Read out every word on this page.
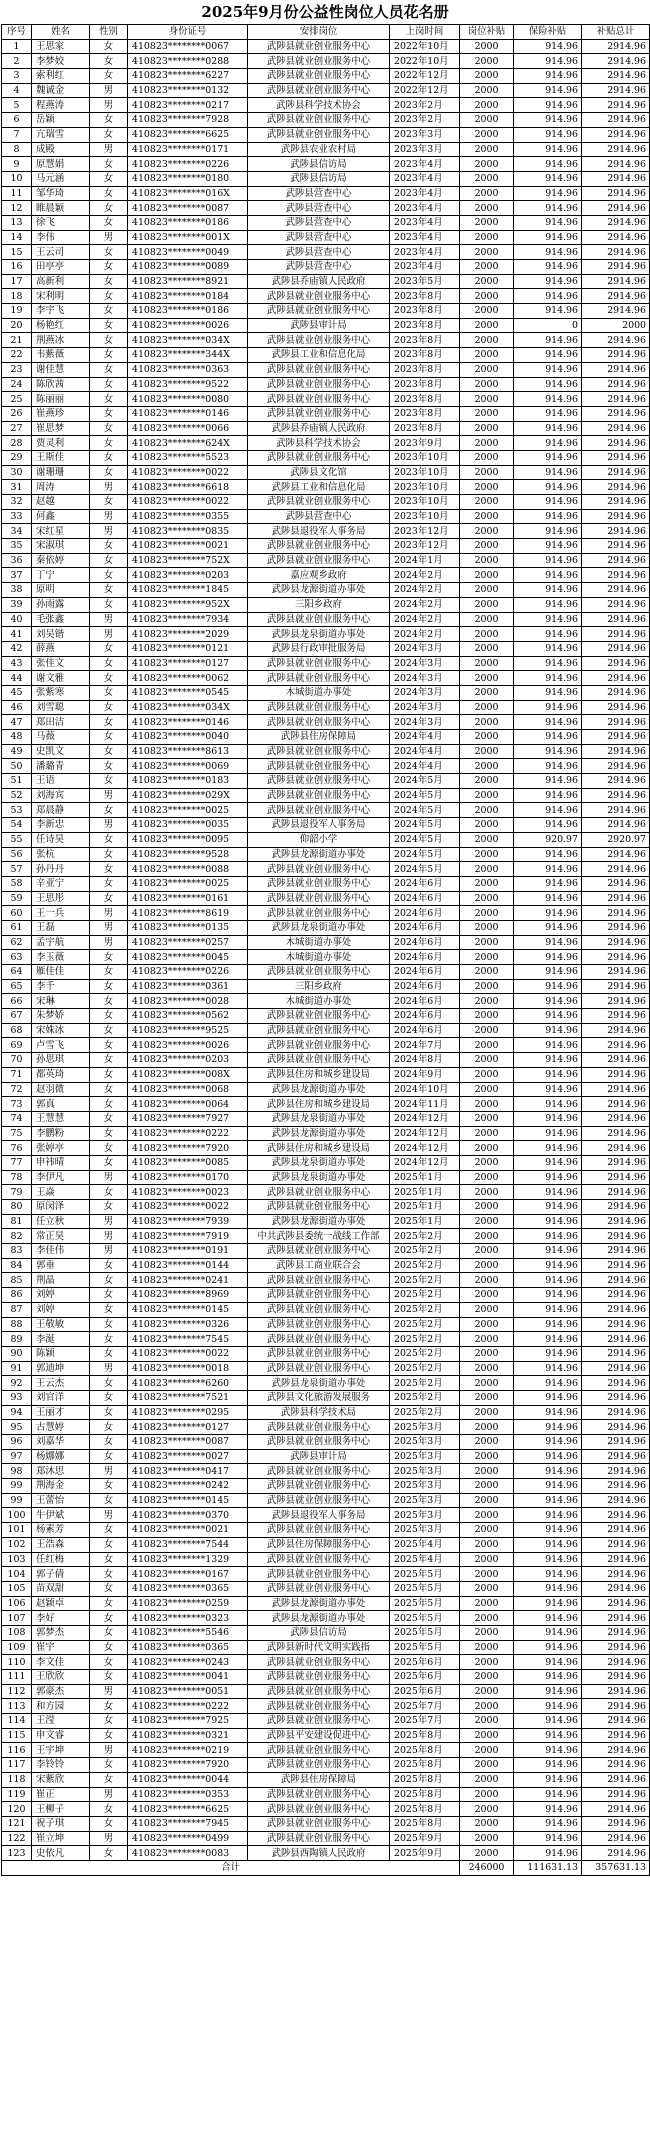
2025年9月份公益性岗位人员花名册
序号	姓名	性别	身份证号	安排岗位	上岗时间	岗位补贴	保险补贴	补贴总计
1	王思家	女	410823********0067	武陟县就业创业服务中心	2022年10月	2000	914.96	2914.96
2	李梦姣	女	410823********0288	武陟县就业创业服务中心	2022年10月	2000	914.96	2914.96
3	索利红	女	410823********6227	武陟县就业创业服务中心	2022年12月	2000	914.96	2914.96
4	魏诚金	男	410823********0132	武陟县就业创业服务中心	2022年12月	2000	914.96	2914.96
5	程燕涛	男	410823********0217	武陟县科学技术协会	2023年2月	2000	914.96	2914.96
6	岳颖	女	410823********7928	武陟县就业创业服务中心	2023年2月	2000	914.96	2914.96
7	亢瑞雪	女	410823********6625	武陟县就业创业服务中心	2023年3月	2000	914.96	2914.96
8	成殿	男	410823********0171	武陟县农业农村局	2023年3月	2000	914.96	2914.96
9	原慧娟	女	410823********0226	武陟县信访局	2023年4月	2000	914.96	2914.96
10	马元涵	女	410823********0180	武陟县信访局	2023年4月	2000	914.96	2914.96
11	邹华琦	女	410823********016X	武陟县营查中心	2023年4月	2000	914.96	2914.96
12	睢晨颖	女	410823********0087	武陟县营查中心	2023年4月	2000	914.96	2914.96
13	徐飞	女	410823********0186	武陟县营查中心	2023年4月	2000	914.96	2914.96
14	李伟	男	410823********001X	武陟县营查中心	2023年4月	2000	914.96	2914.96
15	王云司	女	410823********0049	武陟县营查中心	2023年4月	2000	914.96	2914.96
16	田亭亭	女	410823********0089	武陟县营查中心	2023年4月	2000	914.96	2914.96
17	高新利	女	410823********8921	武陟县乔庙镇人民政府	2023年5月	2000	914.96	2914.96
18	宋利明	女	410823********0184	武陟县就业创业服务中心	2023年8月	2000	914.96	2914.96
19	李宇飞	女	410823********0186	武陟县就业创业服务中心	2023年8月	2000	914.96	2914.96
20	杨艳红	女	410823********0026	武陟县审计局	2023年8月	2000	0	2000
21	荆燕冰	女	410823********034X	武陟县就业创业服务中心	2023年8月	2000	914.96	2914.96
22	韦紫薇	女	410823********344X	武陟县工业和信息化局	2023年8月	2000	914.96	2914.96
23	谢佳慧	女	410823********0363	武陟县就业创业服务中心	2023年8月	2000	914.96	2914.96
24	陈欣茜	女	410823********9522	武陟县就业创业服务中心	2023年8月	2000	914.96	2914.96
25	陈丽丽	女	410823********0080	武陟县就业创业服务中心	2023年8月	2000	914.96	2914.96
26	崔燕珍	女	410823********0146	武陟县就业创业服务中心	2023年8月	2000	914.96	2914.96
27	崔思梦	女	410823********0066	武陟县乔庙镇人民政府	2023年8月	2000	914.96	2914.96
28	贾灵利	女	410823********624X	武陟县科学技术协会	2023年9月	2000	914.96	2914.96
29	王斯佳	女	410823********5523	武陟县就业创业服务中心	2023年10月	2000	914.96	2914.96
30	谢珊珊	女	410823********0022	武陟县文化馆	2023年10月	2000	914.96	2914.96
31	周涛	男	410823********6618	武陟县工业和信息化局	2023年10月	2000	914.96	2914.96
32	赵越	女	410823********0022	武陟县就业创业服务中心	2023年10月	2000	914.96	2914.96
33	何鑫	男	410823********0355	武陟县营查中心	2023年10月	2000	914.96	2914.96
34	宋红星	男	410823********0835	武陟县退役军人事务局	2023年12月	2000	914.96	2914.96
35	宋淑琪	女	410823********0021	武陟县就业创业服务中心	2023年12月	2000	914.96	2914.96
36	秦依婷	女	410823********752X	武陟县就业创业服务中心	2024年1月	2000	914.96	2914.96
37	丁宁	女	410823********0203	嘉应观乡政府	2024年2月	2000	914.96	2914.96
38	原明	女	410823********1845	武陟县龙源街道办事处	2024年2月	2000	914.96	2914.96
39	孙雨露	女	410823********952X	三阳乡政府	2024年2月	2000	914.96	2914.96
40	毛张鑫	男	410823********7934	武陟县就业创业服务中心	2024年2月	2000	914.96	2914.96
41	刘吴锴	男	410823********2029	武陟县龙泉街道办事处	2024年2月	2000	914.96	2914.96
42	薛燕	女	410823********0121	武陟县行政审批服务局	2024年3月	2000	914.96	2914.96
43	张佳文	女	410823********0127	武陟县就业创业服务中心	2024年3月	2000	914.96	2914.96
44	谢文雅	女	410823********0062	武陟县就业创业服务中心	2024年3月	2000	914.96	2914.96
45	张紫寒	女	410823********0545	木城街道办事处	2024年3月	2000	914.96	2914.96
46	刘雪聪	女	410823********034X	武陟县就业创业服务中心	2024年3月	2000	914.96	2914.96
47	郑田洁	女	410823********0146	武陟县就业创业服务中心	2024年3月	2000	914.96	2914.96
48	马薇	女	410823********0040	武陟县住房保障局	2024年4月	2000	914.96	2914.96
49	史凯文	女	410823********8613	武陟县就业创业服务中心	2024年4月	2000	914.96	2914.96
50	潘璐青	女	410823********0069	武陟县就业创业服务中心	2024年4月	2000	914.96	2914.96
51	王语	女	410823********0183	武陟县就业创业服务中心	2024年5月	2000	914.96	2914.96
52	刘海宾	男	410823********029X	武陟县就业创业服务中心	2024年5月	2000	914.96	2914.96
53	郑晨静	女	410823********0025	武陟县就业创业服务中心	2024年5月	2000	914.96	2914.96
54	李新忠	男	410823********0035	武陟县退役军人事务局	2024年5月	2000	914.96	2914.96
55	任诗昊	女	410823********0095	仰韶小学	2024年5月	2000	920.97	2920.97
56	张杭	女	410823********9528	武陟县龙源街道办事处	2024年5月	2000	914.96	2914.96
57	孙丹丹	女	410823********0088	武陟县就业创业服务中心	2024年5月	2000	914.96	2914.96
58	辛亚宁	女	410823********0025	武陟县就业创业服务中心	2024年6月	2000	914.96	2914.96
59	王思彤	女	410823********0161	武陟县就业创业服务中心	2024年6月	2000	914.96	2914.96
60	王一兵	男	410823********8619	武陟县就业创业服务中心	2024年6月	2000	914.96	2914.96
61	王磊	男	410823********0135	武陟县龙泉街道办事处	2024年6月	2000	914.96	2914.96
62	孟宇航	男	410823********0257	木城街道办事处	2024年6月	2000	914.96	2914.96
63	李玉薇	女	410823********0045	木城街道办事处	2024年6月	2000	914.96	2914.96
64	雁佳佳	女	410823********0226	武陟县就业创业服务中心	2024年6月	2000	914.96	2914.96
65	李千	女	410823********0361	三阳乡政府	2024年6月	2000	914.96	2914.96
66	宋琳	女	410823********0028	木城街道办事处	2024年6月	2000	914.96	2914.96
67	朱梦娇	女	410823********0562	武陟县就业创业服务中心	2024年6月	2000	914.96	2914.96
68	宋姝冰	女	410823********9525	武陟县就业创业服务中心	2024年6月	2000	914.96	2914.96
69	卢雪飞	女	410823********0026	武陟县就业创业服务中心	2024年7月	2000	914.96	2914.96
70	孙思琪	女	410823********0203	武陟县就业创业服务中心	2024年8月	2000	914.96	2914.96
71	都英琦	女	410823********008X	武陟县住房和城乡建设局	2024年9月	2000	914.96	2914.96
72	赵羽微	女	410823********0068	武陟县龙源街道办事处	2024年10月	2000	914.96	2914.96
73	郭真	女	410823********0064	武陟县住房和城乡建设局	2024年11月	2000	914.96	2914.96
74	王慧慧	女	410823********7927	武陟县龙泉街道办事处	2024年12月	2000	914.96	2914.96
75	李鹏粉	女	410823********0222	武陟县龙源街道办事处	2024年12月	2000	914.96	2914.96
76	张婷亭	女	410823********7920	武陟县住房和城乡建设局	2024年12月	2000	914.96	2914.96
77	申祎晴	女	410823********0085	武陟县龙泉街道办事处	2024年12月	2000	914.96	2914.96
78	李伊凡	男	410823********0170	武陟县龙泉街道办事处	2025年1月	2000	914.96	2914.96
79	王焱	女	410823********0023	武陟县就业创业服务中心	2025年1月	2000	914.96	2914.96
80	原闵泽	女	410823********0022	武陟县就业创业服务中心	2025年1月	2000	914.96	2914.96
81	任立秋	男	410823********7939	武陟县龙源街道办事处	2025年1月	2000	914.96	2914.96
82	常正昊	男	410823********7919	中共武陟县委统一战线工作部	2025年2月	2000	914.96	2914.96
83	李佳伟	男	410823********0191	武陟县就业创业服务中心	2025年2月	2000	914.96	2914.96
84	郭垂	女	410823********0144	武陟县工商业联合会	2025年2月	2000	914.96	2914.96
85	荆晶	女	410823********0241	武陟县就业创业服务中心	2025年2月	2000	914.96	2914.96
86	刘婷	女	410823********8969	武陟县就业创业服务中心	2025年2月	2000	914.96	2914.96
87	刘婷	女	410823********0145	武陟县就业创业服务中心	2025年2月	2000	914.96	2914.96
88	王敬敏	女	410823********0326	武陟县就业创业服务中心	2025年2月	2000	914.96	2914.96
89	李涎	女	410823********7545	武陟县就业创业服务中心	2025年2月	2000	914.96	2914.96
90	陈颖	女	410823********0022	武陟县就业创业服务中心	2025年2月	2000	914.96	2914.96
91	郭迪坤	男	410823********0018	武陟县就业创业服务中心	2025年2月	2000	914.96	2914.96
92	王云杰	女	410823********6260	武陟县龙泉街道办事处	2025年2月	2000	914.96	2914.96
93	刘官洋	女	410823********7521	武陟县文化旅游发展服务	2025年2月	2000	914.96	2914.96
94	王丽才	女	410823********0295	武陟县科学技术局	2025年2月	2000	914.96	2914.96
95	古慧婷	女	410823********0127	武陟县就业创业服务中心	2025年3月	2000	914.96	2914.96
96	刘嘉华	女	410823********0087	武陟县就业创业服务中心	2025年3月	2000	914.96	2914.96
97	杨娜娜	女	410823********0027	武陟县审计局	2025年3月	2000	914.96	2914.96
98	郑沐思	男	410823********0417	武陟县就业创业服务中心	2025年3月	2000	914.96	2914.96
99	荆海金	女	410823********0242	武陟县就业创业服务中心	2025年3月	2000	914.96	2914.96
99	王蕾怡	女	410823********0145	武陟县就业创业服务中心	2025年3月	2000	914.96	2914.96
100	牛伊斌	男	410823********0370	武陟县退役军人事务局	2025年3月	2000	914.96	2914.96
101	杨素芳	女	410823********0021	武陟县就业创业服务中心	2025年3月	2000	914.96	2914.96
102	王浩森	女	410823********7544	武陟县住房保障服务中心	2025年4月	2000	914.96	2914.96
103	任红梅	女	410823********1329	武陟县就业创业服务中心	2025年4月	2000	914.96	2914.96
104	郭子倩	女	410823********0167	武陟县就业创业服务中心	2025年5月	2000	914.96	2914.96
105	苗双甜	女	410823********0365	武陟县就业创业服务中心	2025年5月	2000	914.96	2914.96
106	赵颖卓	女	410823********0259	武陟县龙源街道办事处	2025年5月	2000	914.96	2914.96
107	李好	女	410823********0323	武陟县龙源街道办事处	2025年5月	2000	914.96	2914.96
108	郭梦杰	女	410823********5546	武陟县信访局	2025年5月	2000	914.96	2914.96
109	崔宇	女	410823********0365	武陟县新时代文明实践指	2025年5月	2000	914.96	2914.96
110	李文佳	女	410823********0243	武陟县就业创业服务中心	2025年6月	2000	914.96	2914.96
111	王欣欣	女	410823********0041	武陟县就业创业服务中心	2025年6月	2000	914.96	2914.96
112	郭豪杰	男	410823********0051	武陟县就业创业服务中心	2025年6月	2000	914.96	2914.96
113	和方园	女	410823********0222	武陟县就业创业服务中心	2025年7月	2000	914.96	2914.96
114	王滢	女	410823********7925	武陟县就业创业服务中心	2025年7月	2000	914.96	2914.96
115	申文睿	女	410823********0321	武陟县平安建设促进中心	2025年8月	2000	914.96	2914.96
116	王宇坤	男	410823********0219	武陟县就业创业服务中心	2025年8月	2000	914.96	2914.96
117	李铃铃	女	410823********7920	武陟县就业创业服务中心	2025年8月	2000	914.96	2914.96
118	宋紫欣	女	410823********0044	武陟县住房保障局	2025年8月	2000	914.96	2914.96
119	崔正	男	410823********0353	武陟县就业创业服务中心	2025年8月	2000	914.96	2914.96
120	王柳子	女	410823********6625	武陟县就业创业服务中心	2025年8月	2000	914.96	2914.96
121	祝子琪	女	410823********7945	武陟县就业创业服务中心	2025年8月	2000	914.96	2914.96
122	崔立坤	男	410823********0499	武陟县就业创业服务中心	2025年9月	2000	914.96	2914.96
123	史依凡	女	410823********0083	武陟县西陶镇人民政府	2025年9月	2000	914.96	2914.96
合计						246000	111631.13	357631.13
